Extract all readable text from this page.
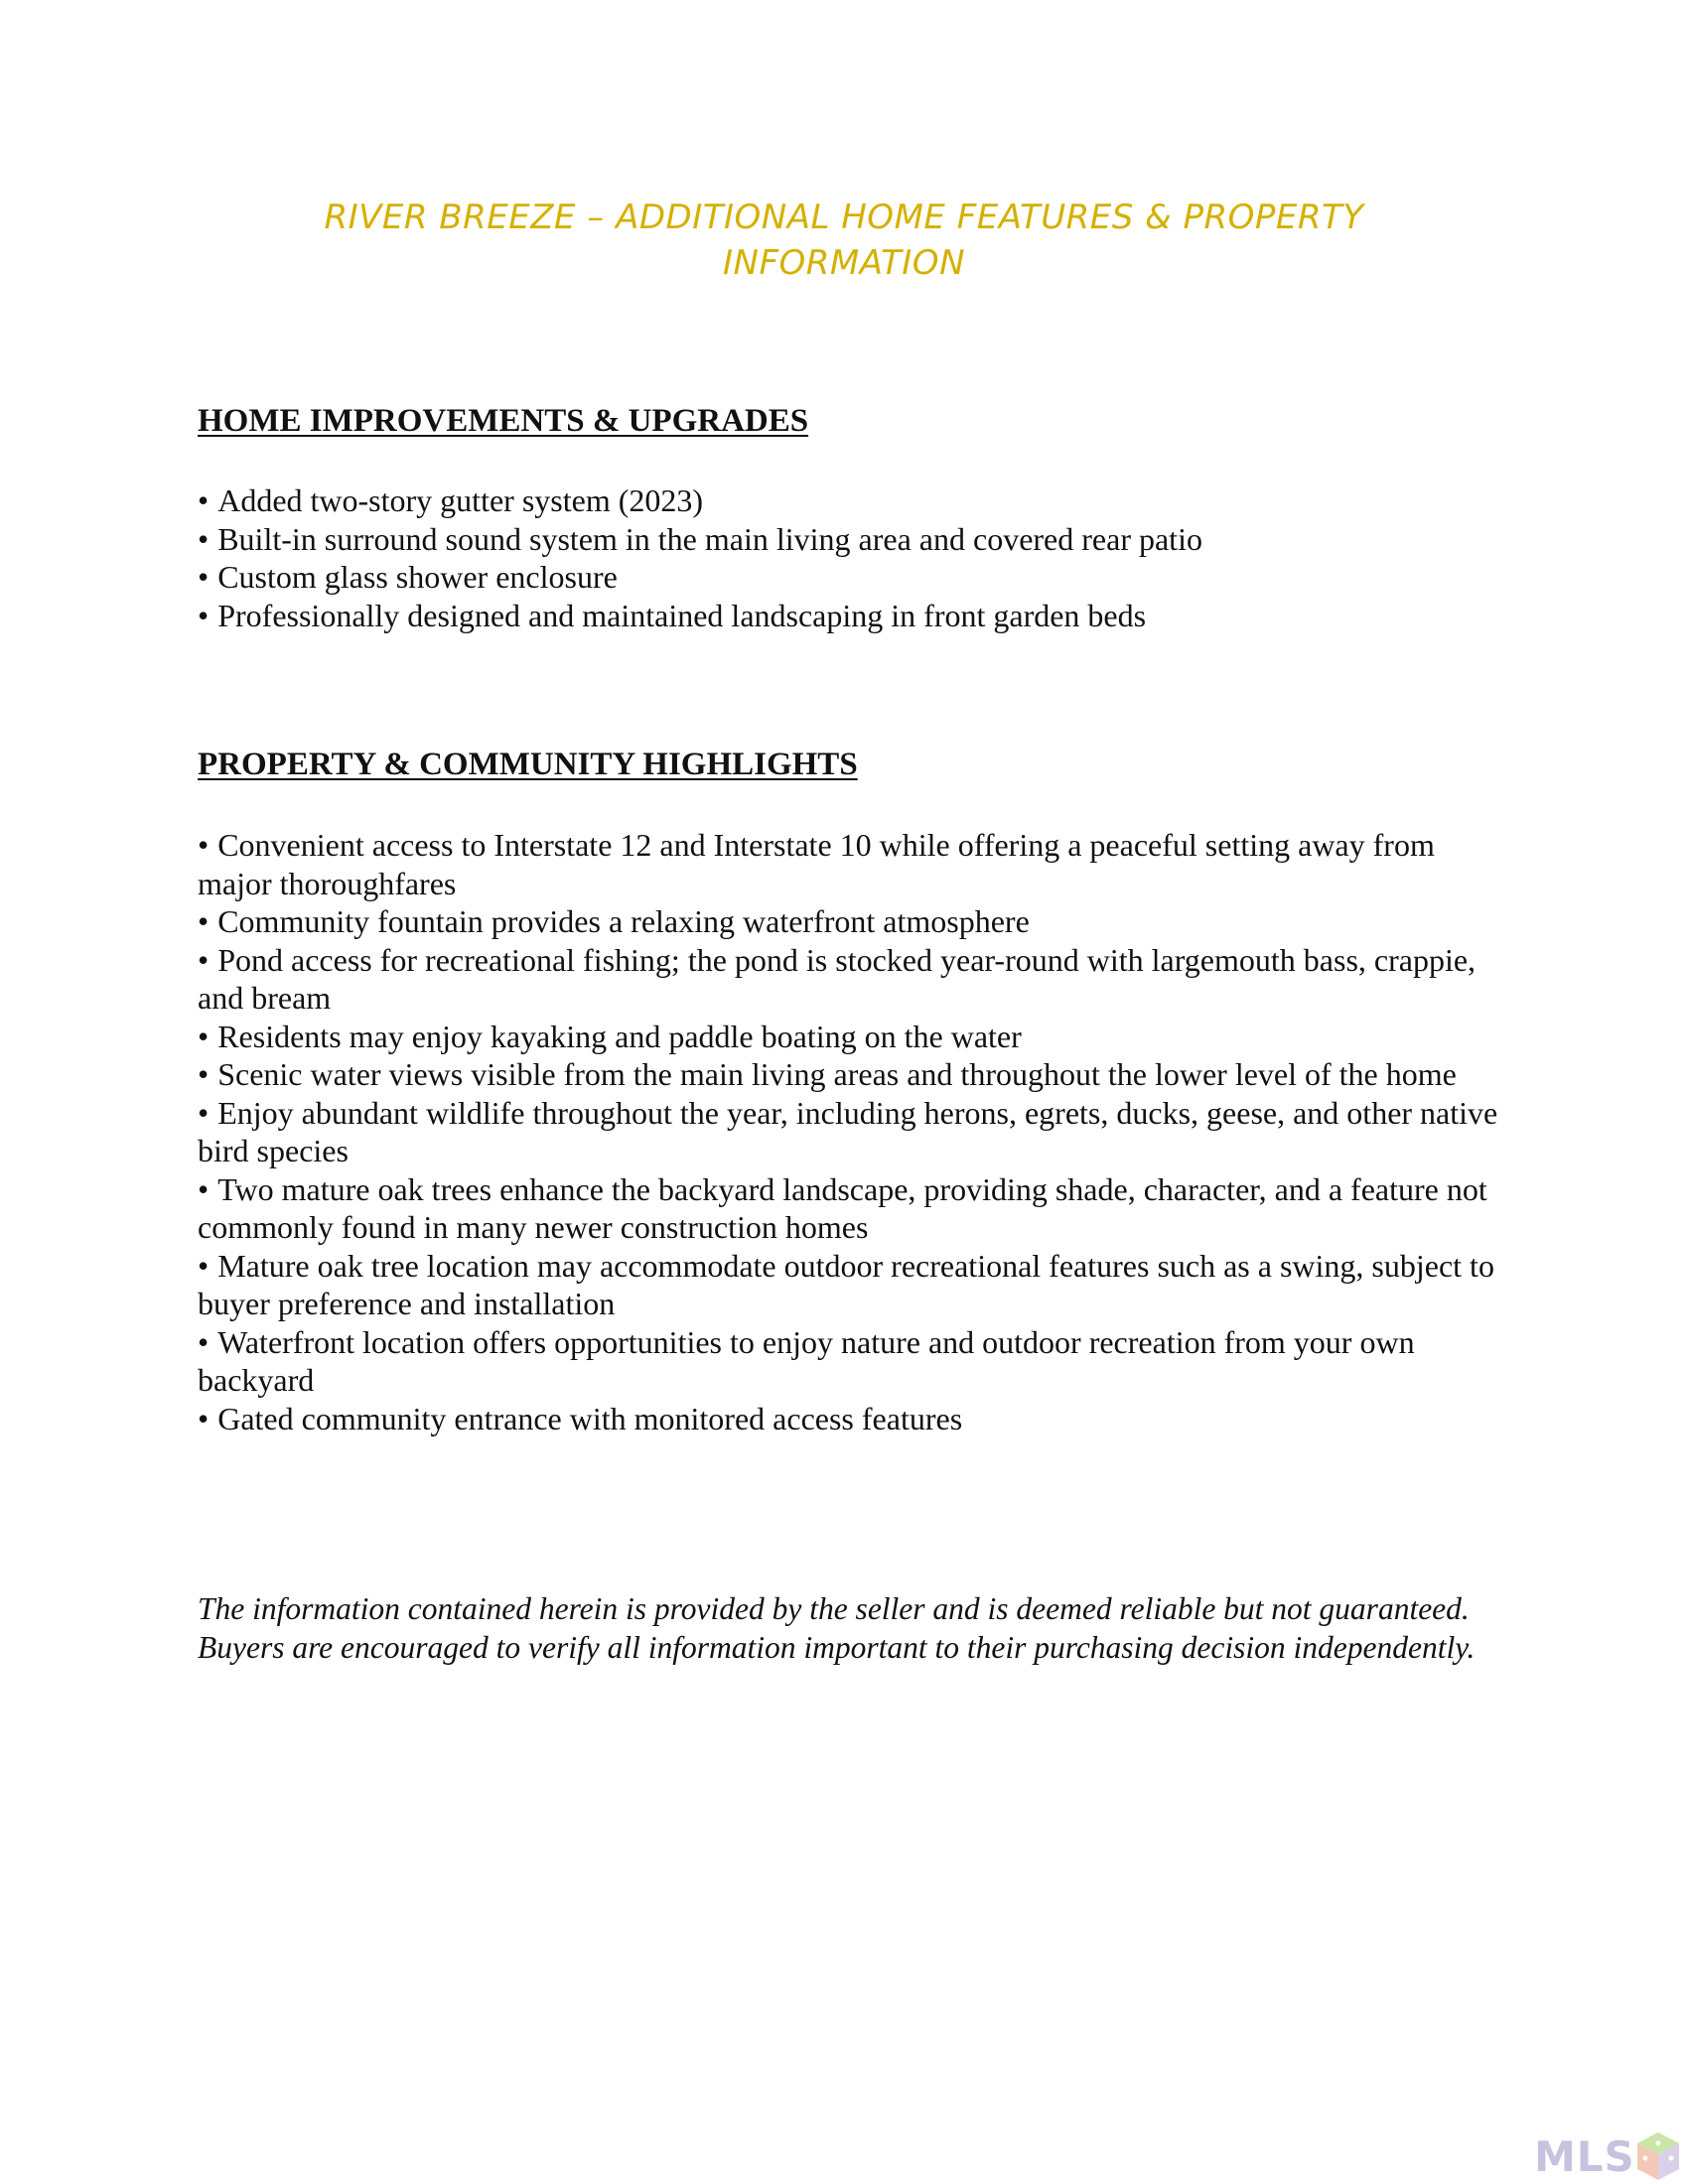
RIVER BREEZE – ADDITIONAL HOME FEATURES & PROPERTY
INFORMATION
HOME IMPROVEMENTS & UPGRADES
• Added two-story gutter system (2023)
• Built-in surround sound system in the main living area and covered rear patio
• Custom glass shower enclosure
• Professionally designed and maintained landscaping in front garden beds
PROPERTY & COMMUNITY HIGHLIGHTS
• Convenient access to Interstate 12 and Interstate 10 while offering a peaceful setting away from major thoroughfares
• Community fountain provides a relaxing waterfront atmosphere
• Pond access for recreational fishing; the pond is stocked year-round with largemouth bass, crappie, and bream
• Residents may enjoy kayaking and paddle boating on the water
• Scenic water views visible from the main living areas and throughout the lower level of the home
• Enjoy abundant wildlife throughout the year, including herons, egrets, ducks, geese, and other native bird species
• Two mature oak trees enhance the backyard landscape, providing shade, character, and a feature not commonly found in many newer construction homes
• Mature oak tree location may accommodate outdoor recreational features such as a swing, subject to buyer preference and installation
• Waterfront location offers opportunities to enjoy nature and outdoor recreation from your own backyard
• Gated community entrance with monitored access features

The information contained herein is provided by the seller and is deemed reliable but not guaranteed. Buyers are encouraged to verify all information important to their purchasing decision independently.

MLS
